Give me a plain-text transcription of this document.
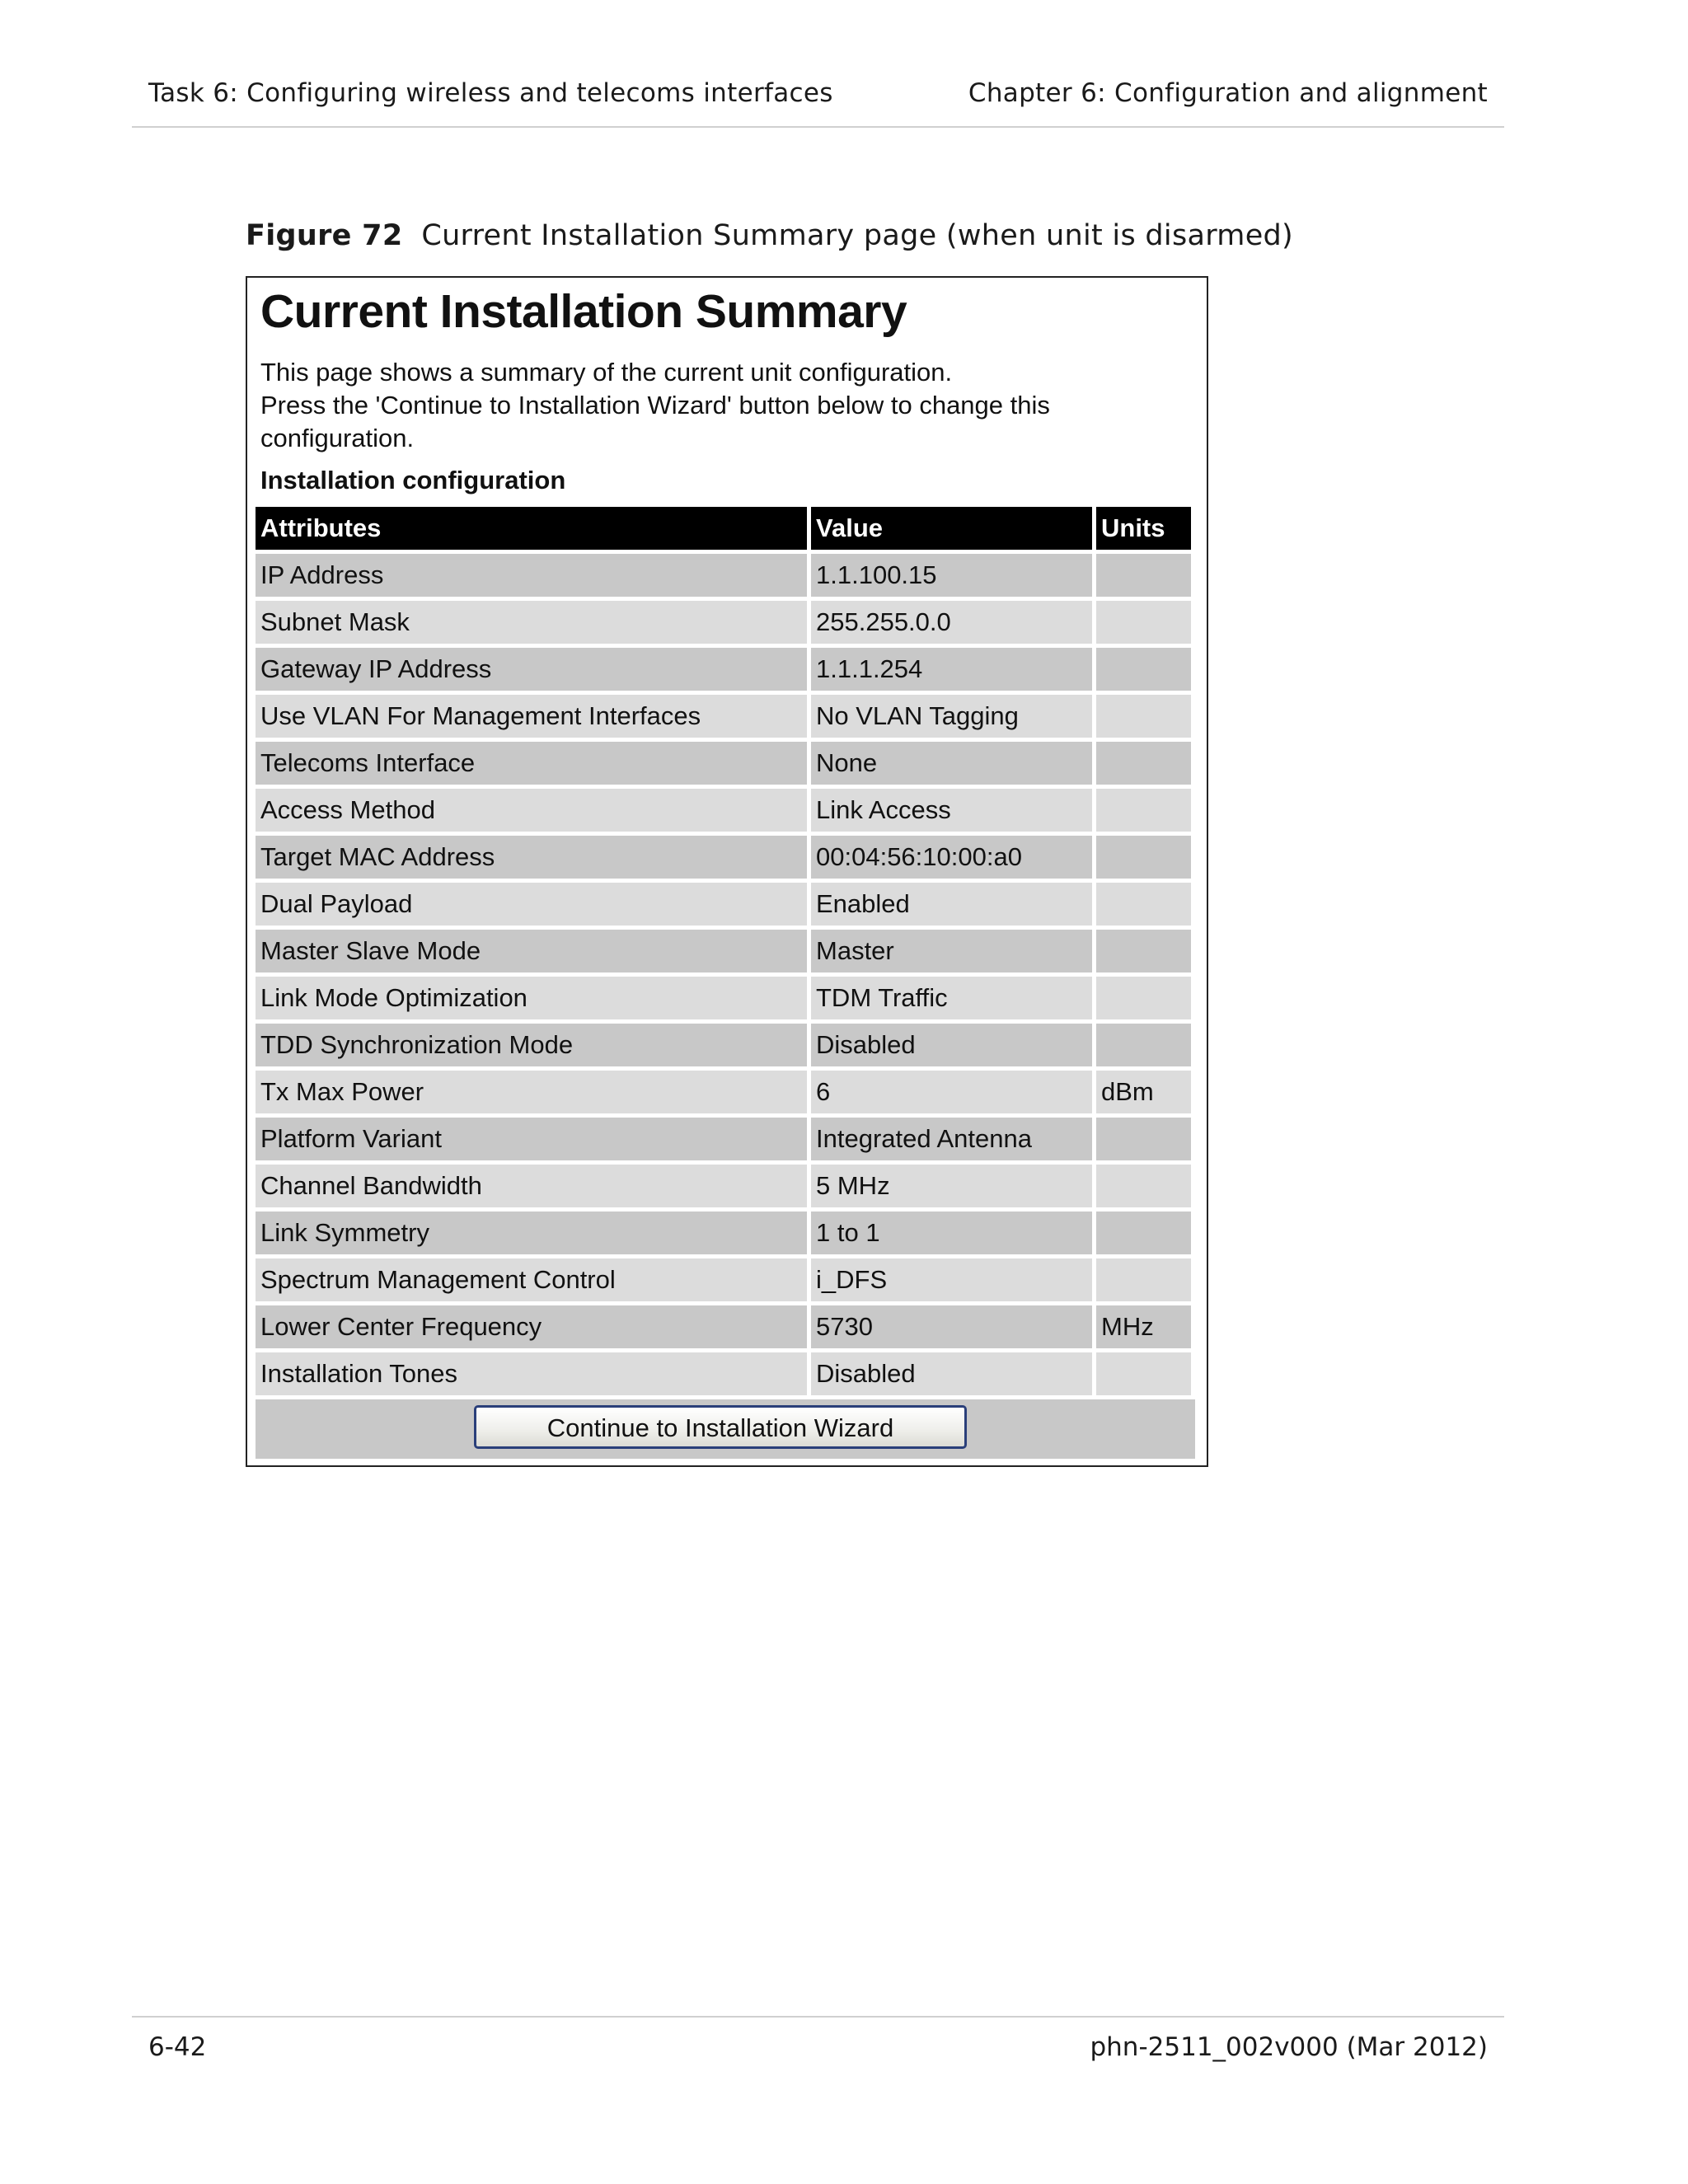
Task 6: Configuring wireless and telecoms interfaces	Chapter 6: Configuration and alignment
Figure 72 Current Installation Summary page (when unit is disarmed)
Current Installation Summary
This page shows a summary of the current unit configuration.
Press the 'Continue to Installation Wizard' button below to change this configuration.
Installation configuration
Attributes	Value	Units
IP Address	1.1.100.15
Subnet Mask	255.255.0.0
Gateway IP Address	1.1.1.254
Use VLAN For Management Interfaces	No VLAN Tagging
Telecoms Interface	None
Access Method	Link Access
Target MAC Address	00:04:56:10:00:a0
Dual Payload	Enabled
Master Slave Mode	Master
Link Mode Optimization	TDM Traffic
TDD Synchronization Mode	Disabled
Tx Max Power	6	dBm
Platform Variant	Integrated Antenna
Channel Bandwidth	5 MHz
Link Symmetry	1 to 1
Spectrum Management Control	i_DFS
Lower Center Frequency	5730	MHz
Installation Tones	Disabled
Continue to Installation Wizard
6-42	phn-2511_002v000 (Mar 2012)
